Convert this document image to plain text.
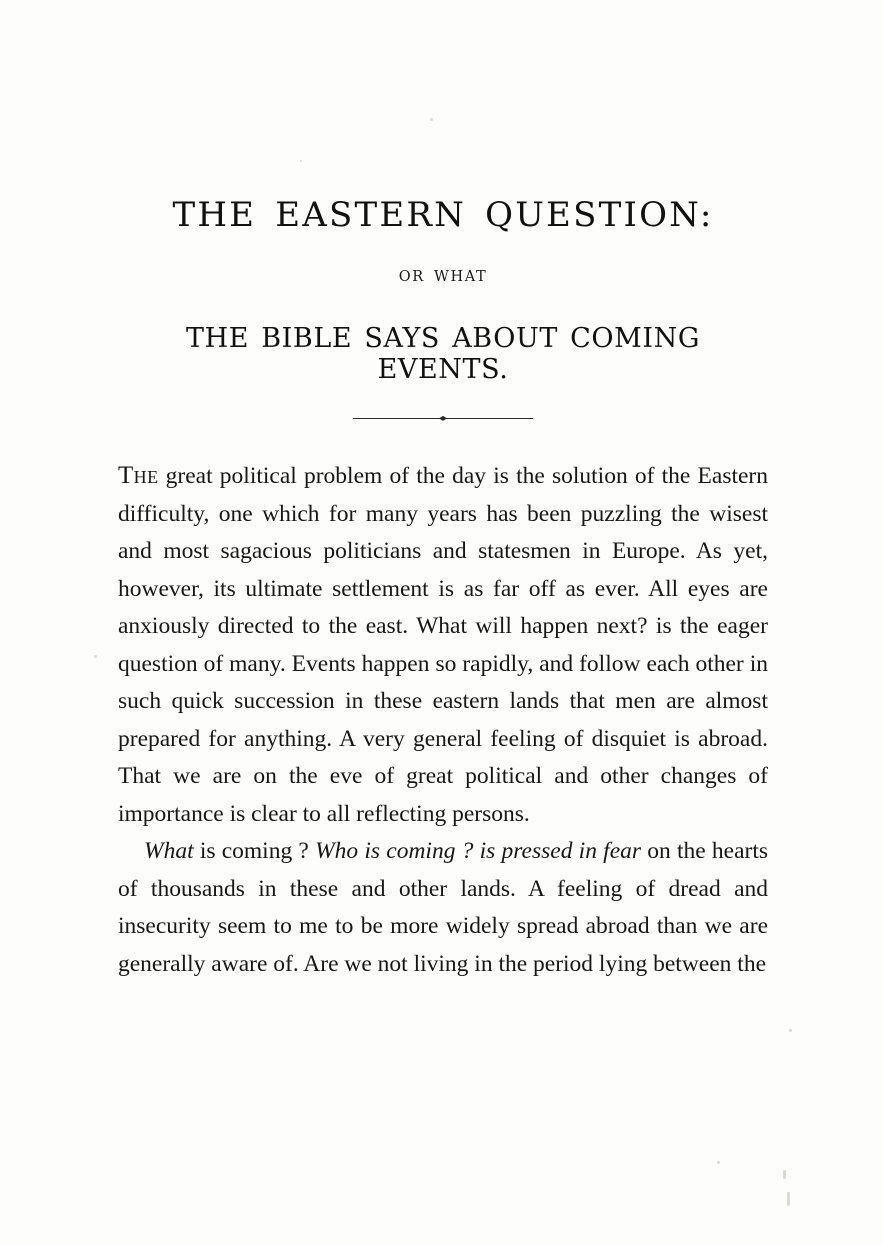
THE EASTERN QUESTION:
OR WHAT
THE BIBLE SAYS ABOUT COMING EVENTS.

The great political problem of the day is the solution of the Eastern difficulty, one which for many years has been puzzling the wisest and most sagacious politicians and statesmen in Europe. As yet, however, its ultimate settlement is as far off as ever. All eyes are anxiously directed to the east. What will happen next? is the eager question of many. Events happen so rapidly, and follow each other in such quick succession in these eastern lands that men are almost prepared for anything. A very general feeling of disquiet is abroad. That we are on the eve of great political and other changes of importance is clear to all reflecting persons.

What is coming ? Who is coming ? is pressed in fear on the hearts of thousands in these and other lands. A feeling of dread and insecurity seem to me to be more widely spread abroad than we are generally aware of. Are we not living in the period lying between the
